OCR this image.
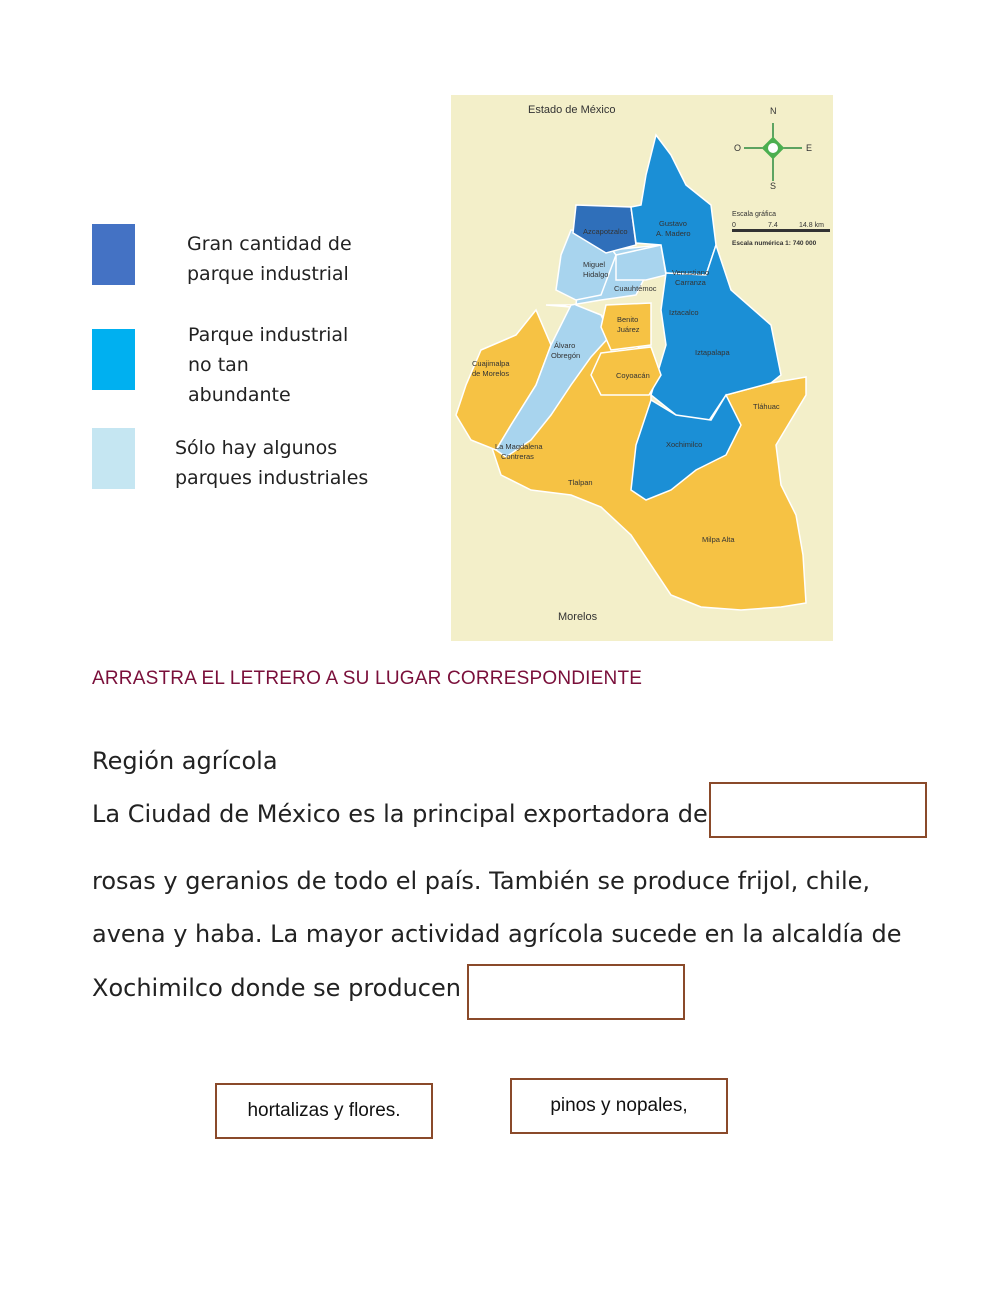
Gran cantidad de
parque industrial
Parque industrial
no tan
abundante
Sólo hay algunos
parques industriales
N
S
E
O
Escala gráfica
0	7.4	14.8 km
Escala numérica 1: 740 000
Estado de México
Morelos
Azcapotzalco
Gustavo
A. Madero
Miguel
Hidalgo
Cuauhtémoc
Venustiano
Carranza
Iztacalco
Benito
Juárez
Álvaro
Obregón
Cuajimalpa
de Morelos
Iztapalapa
Coyoacán
Tláhuac
La Magdalena
Contreras
Xochimilco
Tlalpan
Milpa Alta
ARRASTRA EL LETRERO A SU LUGAR CORRESPONDIENTE
Región agrícola
La Ciudad de México es la principal exportadora de
rosas y geranios de todo el país. También se produce frijol, chile,
avena y haba. La mayor actividad agrícola sucede en la alcaldía de
Xochimilco donde se producen
hortalizas y flores.	pinos y nopales,
